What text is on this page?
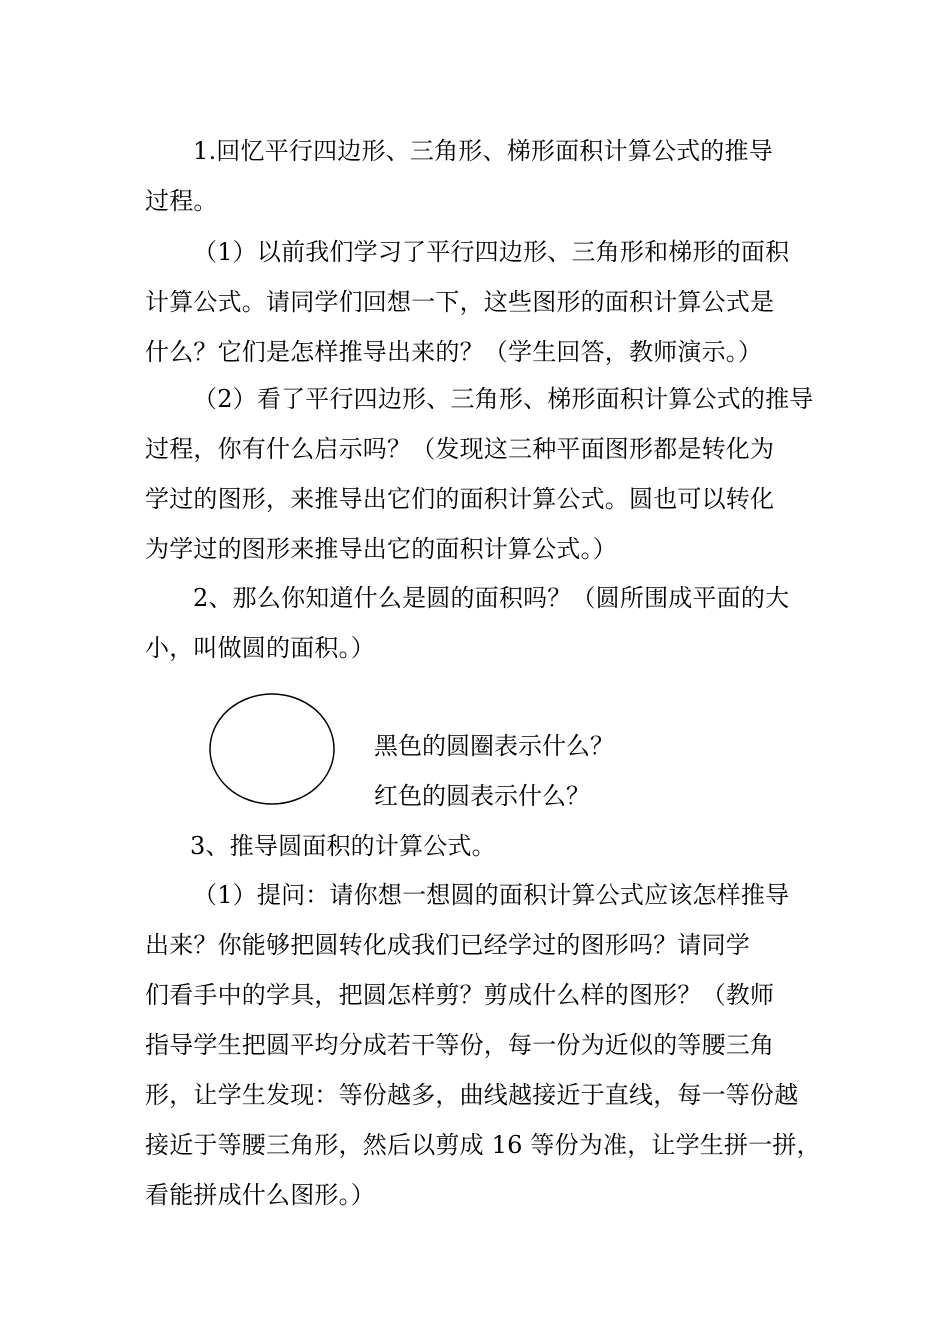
1.回忆平行四边形、三角形、梯形面积计算公式的推导
过程。
（1）以前我们学习了平行四边形、三角形和梯形的面积
计算公式。请同学们回想一下，这些图形的面积计算公式是
什么？它们是怎样推导出来的？（学生回答，教师演示。）
（2）看了平行四边形、三角形、梯形面积计算公式的推导
过程，你有什么启示吗？（发现这三种平面图形都是转化为
学过的图形，来推导出它们的面积计算公式。圆也可以转化
为学过的图形来推导出它的面积计算公式。）
2、那么你知道什么是圆的面积吗？（圆所围成平面的大
小，叫做圆的面积。）
黑色的圆圈表示什么？
红色的圆表示什么？
3、推导圆面积的计算公式。
（1）提问：请你想一想圆的面积计算公式应该怎样推导
出来？你能够把圆转化成我们已经学过的图形吗？请同学
们看手中的学具，把圆怎样剪？剪成什么样的图形？（教师
指导学生把圆平均分成若干等份，每一份为近似的等腰三角
形，让学生发现：等份越多，曲线越接近于直线，每一等份越
接近于等腰三角形，然后以剪成 16 等份为准，让学生拼一拼，
看能拼成什么图形。）
